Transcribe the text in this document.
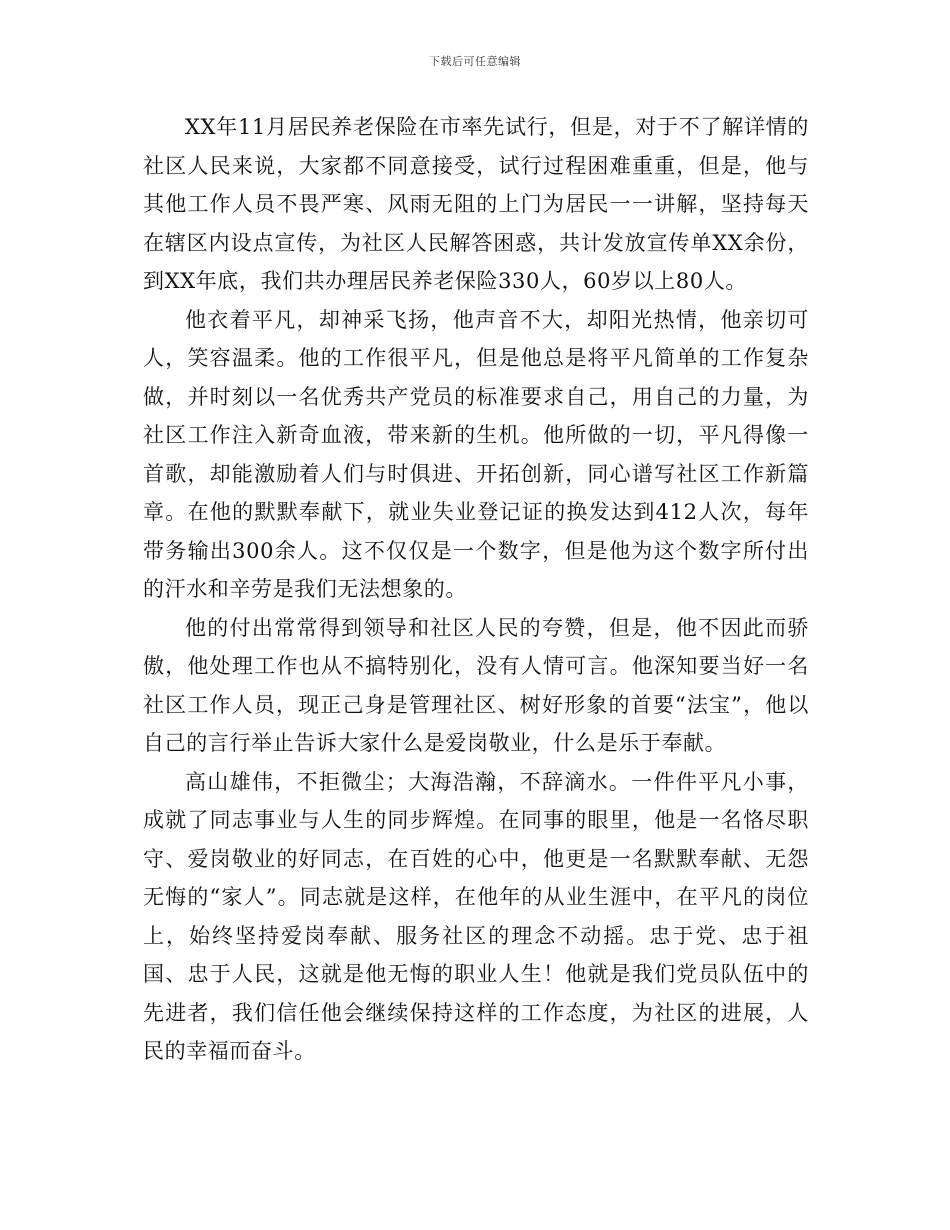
下载后可任意编辑

XX年11月居民养老保险在市率先试行，但是，对于不了解详情的社区人民来说，大家都不同意接受，试行过程困难重重，但是，他与其他工作人员不畏严寒、风雨无阻的上门为居民一一讲解，坚持每天在辖区内设点宣传，为社区人民解答困惑，共计发放宣传单XX余份，到XX年底，我们共办理居民养老保险330人，60岁以上80人。

他衣着平凡，却神采飞扬，他声音不大，却阳光热情，他亲切可人，笑容温柔。他的工作很平凡，但是他总是将平凡简单的工作复杂做，并时刻以一名优秀共产党员的标准要求自己，用自己的力量，为社区工作注入新奇血液，带来新的生机。他所做的一切，平凡得像一首歌，却能激励着人们与时俱进、开拓创新，同心谱写社区工作新篇章。在他的默默奉献下，就业失业登记证的换发达到412人次，每年带务输出300余人。这不仅仅是一个数字，但是他为这个数字所付出的汗水和辛劳是我们无法想象的。

他的付出常常得到领导和社区人民的夸赞，但是，他不因此而骄傲，他处理工作也从不搞特别化，没有人情可言。他深知要当好一名社区工作人员，现正己身是管理社区、树好形象的首要“法宝”，他以自己的言行举止告诉大家什么是爱岗敬业，什么是乐于奉献。

高山雄伟，不拒微尘；大海浩瀚，不辞滴水。一件件平凡小事，成就了同志事业与人生的同步辉煌。在同事的眼里，他是一名恪尽职守、爱岗敬业的好同志，在百姓的心中，他更是一名默默奉献、无怨无悔的“家人”。同志就是这样，在他年的从业生涯中，在平凡的岗位上，始终坚持爱岗奉献、服务社区的理念不动摇。忠于党、忠于祖国、忠于人民，这就是他无悔的职业人生！他就是我们党员队伍中的先进者，我们信任他会继续保持这样的工作态度，为社区的进展，人民的幸福而奋斗。
